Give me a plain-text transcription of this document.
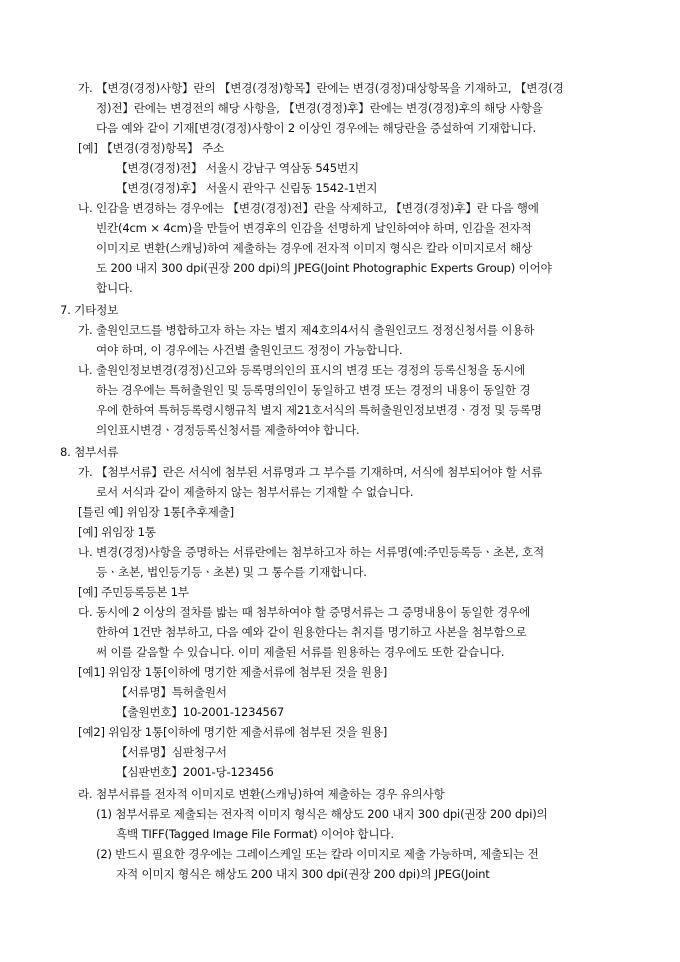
가. 【변경(경정)사항】란의 【변경(경정)항목】란에는 변경(경정)대상항목을 기재하고, 【변경(경
정)전】란에는 변경전의 해당 사항을, 【변경(경정)후】란에는 변경(경정)후의 해당 사항을
다음 예와 같이 기재[변경(경정)사항이 2 이상인 경우에는 해당란을 증설하여 기재합니다.
[예] 【변경(경정)항목】 주소
【변경(경정)전】 서울시 강남구 역삼동 545번지
【변경(경정)후】 서울시 관악구 신림동 1542-1번지
나. 인감을 변경하는 경우에는 【변경(경정)전】란을 삭제하고, 【변경(경정)후】란 다음 행에
빈칸(4cm × 4cm)을 만들어 변경후의 인감을 선명하게 날인하여야 하며, 인감을 전자적
이미지로 변환(스캐닝)하여 제출하는 경우에 전자적 이미지 형식은 칼라 이미지로서 해상
도 200 내지 300 dpi(권장 200 dpi)의 JPEG(Joint Photographic Experts Group) 이어야
합니다.
7. 기타정보
가. 출원인코드를 병합하고자 하는 자는 별지 제4호의4서식 출원인코드 정정신청서를 이용하
여야 하며, 이 경우에는 사건별 출원인코드 정정이 가능합니다.
나. 출원인정보변경(경정)신고와 등록명의인의 표시의 변경 또는 경정의 등록신청을 동시에
하는 경우에는 특허출원인 및 등록명의인이 동일하고 변경 또는 경정의 내용이 동일한 경
우에 한하여 특허등록령시행규칙 별지 제21호서식의 특허출원인정보변경ㆍ경정 및 등록명
의인표시변경ㆍ경정등록신청서를 제출하여야 합니다.
8. 첨부서류
가. 【첨부서류】란은 서식에 첨부된 서류명과 그 부수를 기재하며, 서식에 첨부되어야 할 서류
로서 서식과 같이 제출하지 않는 첨부서류는 기재할 수 없습니다.
[틀린 예] 위임장 1통[추후제출]
[예] 위임장 1통
나. 변경(경정)사항을 증명하는 서류란에는 첨부하고자 하는 서류명(예:주민등록등ㆍ초본, 호적
등ㆍ초본, 법인등기등ㆍ초본) 및 그 통수를 기재합니다.
[예] 주민등록등본 1부
다. 동시에 2 이상의 절차를 밟는 때 첨부하여야 할 증명서류는 그 증명내용이 동일한 경우에
한하여 1건만 첨부하고, 다음 예와 같이 원용한다는 취지를 명기하고 사본을 첨부함으로
써 이를 갈음할 수 있습니다. 이미 제출된 서류를 원용하는 경우에도 또한 같습니다.
[예1] 위임장 1통[이하에 명기한 제출서류에 첨부된 것을 원용]
【서류명】특허출원서
【출원번호】10-2001-1234567
[예2] 위임장 1통[이하에 명기한 제출서류에 첨부된 것을 원용]
【서류명】심판청구서
【심판번호】2001-당-123456
라. 첨부서류를 전자적 이미지로 변환(스캐닝)하여 제출하는 경우 유의사항
(1) 첨부서류로 제출되는 전자적 이미지 형식은 해상도 200 내지 300 dpi(권장 200 dpi)의
흑백 TIFF(Tagged Image File Format) 이어야 합니다.
(2) 반드시 필요한 경우에는 그레이스케일 또는 칼라 이미지로 제출 가능하며, 제출되는 전
자적 이미지 형식은 해상도 200 내지 300 dpi(권장 200 dpi)의 JPEG(Joint
